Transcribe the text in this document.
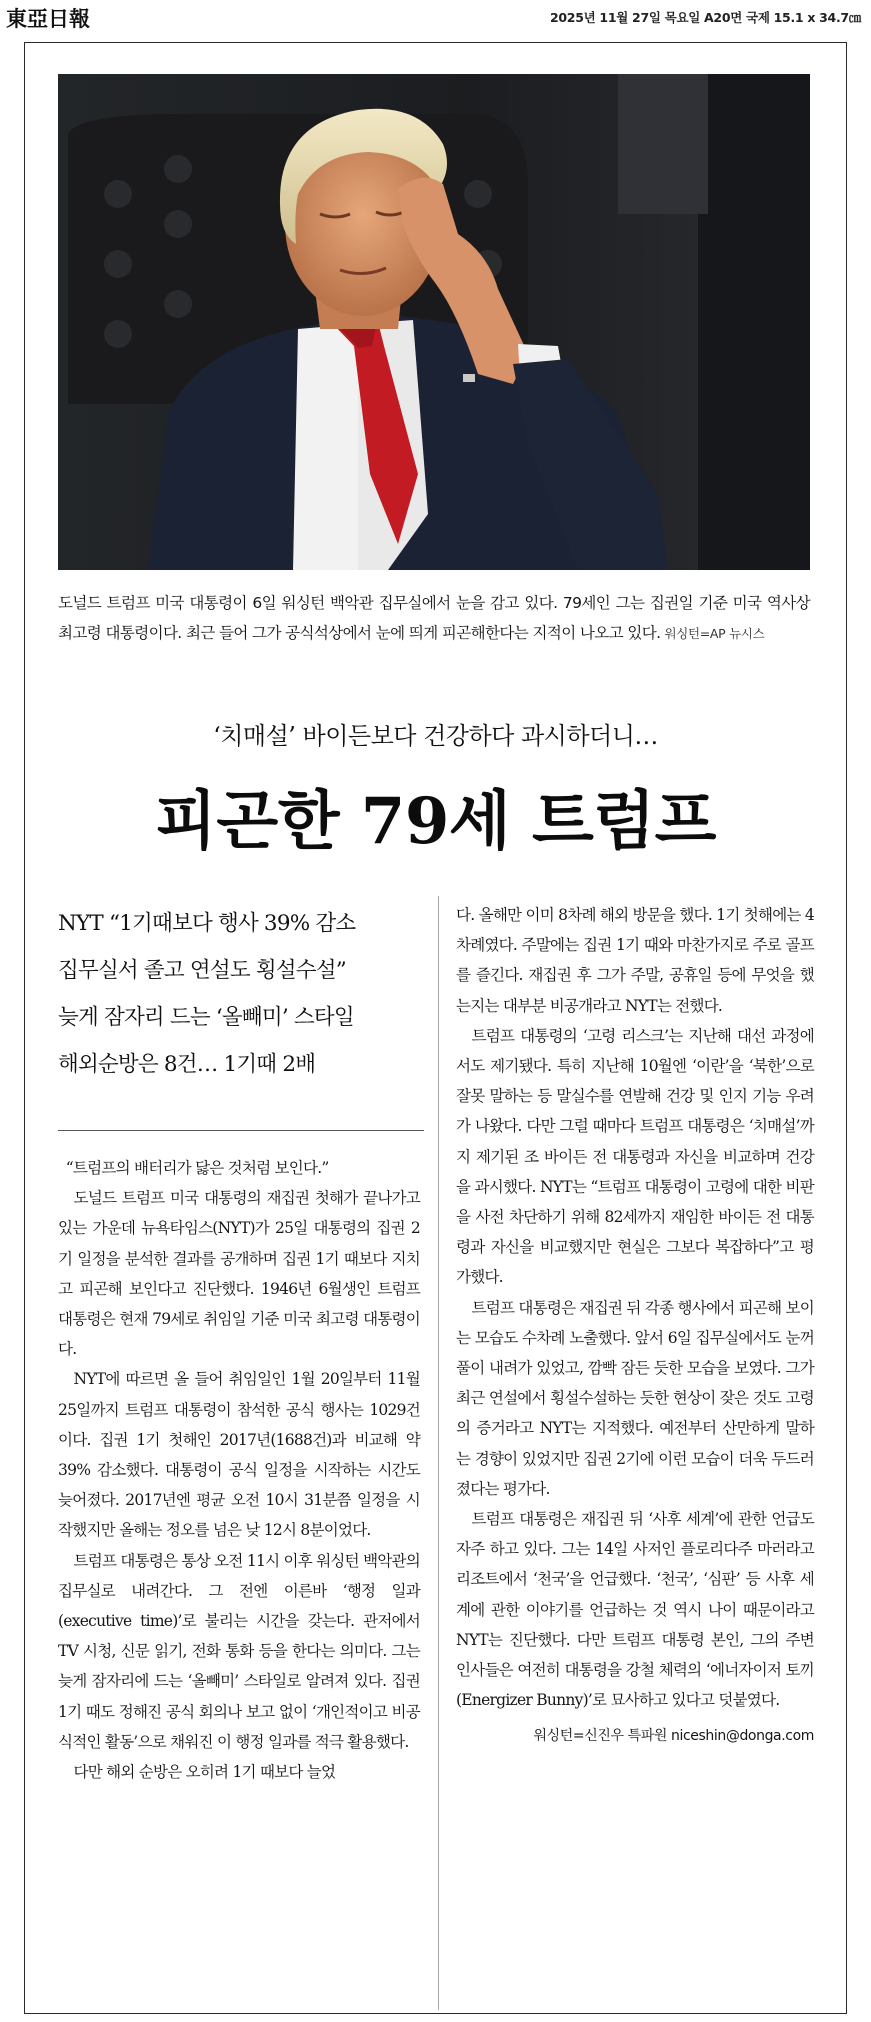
東亞日報	2025년 11월 27일 목요일 A20면 국제 15.1 x 34.7㎝
도널드 트럼프 미국 대통령이 6일 워싱턴 백악관 집무실에서 눈을 감고 있다. 79세인 그는 집권일 기준 미국 역사상 최고령 대통령이다. 최근 들어 그가 공식석상에서 눈에 띄게 피곤해한다는 지적이 나오고 있다. 워싱턴=AP 뉴시스
‘치매설’ 바이든보다 건강하다 과시하더니…
피곤한 79세 트럼프
NYT “1기때보다 행사 39% 감소
집무실서 졸고 연설도 횡설수설”
늦게 잠자리 드는 ‘올빼미’ 스타일
해외순방은 8건… 1기때 2배

“트럼프의 배터리가 닳은 것처럼 보인다.”

도널드 트럼프 미국 대통령의 재집권 첫해가 끝나가고 있는 가운데 뉴욕타임스(NYT)가 25일 대통령의 집권 2기 일정을 분석한 결과를 공개하며 집권 1기 때보다 지치고 피곤해 보인다고 진단했다. 1946년 6월생인 트럼프 대통령은 현재 79세로 취임일 기준 미국 최고령 대통령이다.

NYT에 따르면 올 들어 취임일인 1월 20일부터 11월 25일까지 트럼프 대통령이 참석한 공식 행사는 1029건이다. 집권 1기 첫해인 2017년(1688건)과 비교해 약 39% 감소했다. 대통령이 공식 일정을 시작하는 시간도 늦어졌다. 2017년엔 평균 오전 10시 31분쯤 일정을 시작했지만 올해는 정오를 넘은 낮 12시 8분이었다.

트럼프 대통령은 통상 오전 11시 이후 워싱턴 백악관의 집무실로 내려간다. 그 전엔 이른바 ‘행정 일과(executive time)’로 불리는 시간을 갖는다. 관저에서 TV 시청, 신문 읽기, 전화 통화 등을 한다는 의미다. 그는 늦게 잠자리에 드는 ‘올빼미’ 스타일로 알려져 있다. 집권 1기 때도 정해진 공식 회의나 보고 없이 ‘개인적이고 비공식적인 활동’으로 채워진 이 행정 일과를 적극 활용했다.

다만 해외 순방은 오히려 1기 때보다 늘었

다. 올해만 이미 8차례 해외 방문을 했다. 1기 첫해에는 4차례였다. 주말에는 집권 1기 때와 마찬가지로 주로 골프를 즐긴다. 재집권 후 그가 주말, 공휴일 등에 무엇을 했는지는 대부분 비공개라고 NYT는 전했다.

트럼프 대통령의 ‘고령 리스크’는 지난해 대선 과정에서도 제기됐다. 특히 지난해 10월엔 ‘이란’을 ‘북한’으로 잘못 말하는 등 말실수를 연발해 건강 및 인지 기능 우려가 나왔다. 다만 그럴 때마다 트럼프 대통령은 ‘치매설’까지 제기된 조 바이든 전 대통령과 자신을 비교하며 건강을 과시했다. NYT는 “트럼프 대통령이 고령에 대한 비판을 사전 차단하기 위해 82세까지 재임한 바이든 전 대통령과 자신을 비교했지만 현실은 그보다 복잡하다”고 평가했다.

트럼프 대통령은 재집권 뒤 각종 행사에서 피곤해 보이는 모습도 수차례 노출했다. 앞서 6일 집무실에서도 눈꺼풀이 내려가 있었고, 깜빡 잠든 듯한 모습을 보였다. 그가 최근 연설에서 횡설수설하는 듯한 현상이 잦은 것도 고령의 증거라고 NYT는 지적했다. 예전부터 산만하게 말하는 경향이 있었지만 집권 2기에 이런 모습이 더욱 두드러졌다는 평가다.

트럼프 대통령은 재집권 뒤 ‘사후 세계’에 관한 언급도 자주 하고 있다. 그는 14일 사저인 플로리다주 마러라고 리조트에서 ‘천국’을 언급했다. ‘천국’, ‘심판’ 등 사후 세계에 관한 이야기를 언급하는 것 역시 나이 때문이라고 NYT는 진단했다. 다만 트럼프 대통령 본인, 그의 주변 인사들은 여전히 대통령을 강철 체력의 ‘에너자이저 토끼(Energizer Bunny)’로 묘사하고 있다고 덧붙였다.

워싱턴=신진우 특파원 niceshin@donga.com
